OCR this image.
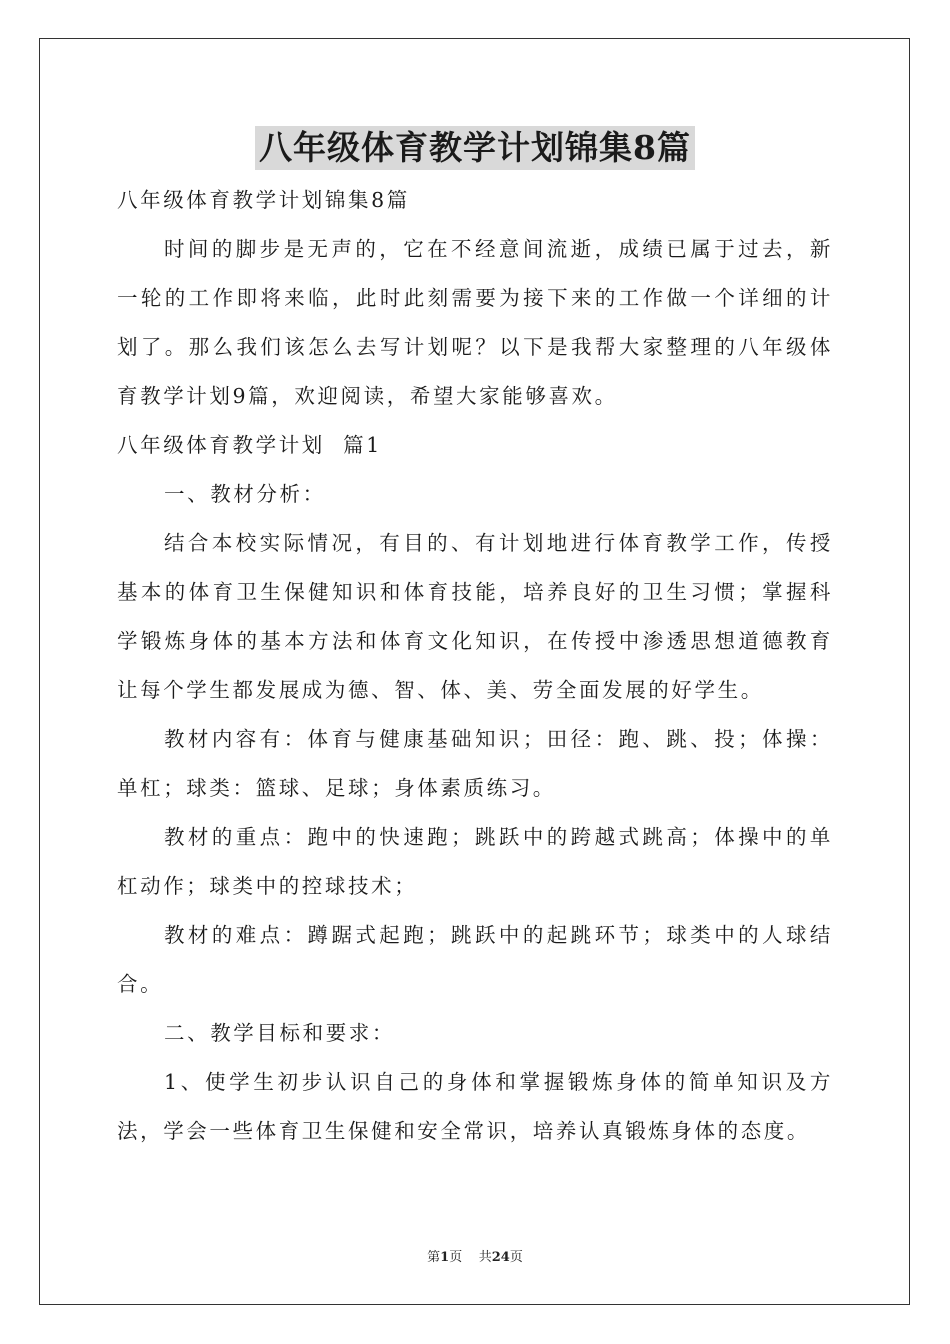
八年级体育教学计划锦集8篇

八年级体育教学计划锦集8篇

时间的脚步是无声的，它在不经意间流逝，成绩已属于过去，新一轮的工作即将来临，此时此刻需要为接下来的工作做一个详细的计划了。那么我们该怎么去写计划呢？以下是我帮大家整理的八年级体育教学计划9篇，欢迎阅读，希望大家能够喜欢。

八年级体育教学计划  篇1

一、教材分析：

结合本校实际情况，有目的、有计划地进行体育教学工作，传授基本的体育卫生保健知识和体育技能，培养良好的卫生习惯；掌握科学锻炼身体的基本方法和体育文化知识，在传授中渗透思想道德教育让每个学生都发展成为德、智、体、美、劳全面发展的好学生。

教材内容有：体育与健康基础知识；田径：跑、跳、投；体操：单杠；球类：篮球、足球；身体素质练习。

教材的重点：跑中的快速跑；跳跃中的跨越式跳高；体操中的单杠动作；球类中的控球技术；

教材的难点：蹲踞式起跑；跳跃中的起跳环节；球类中的人球结合。

二、教学目标和要求：

1、使学生初步认识自己的身体和掌握锻炼身体的简单知识及方法，学会一些体育卫生保健和安全常识，培养认真锻炼身体的态度。

第1页    共24页
